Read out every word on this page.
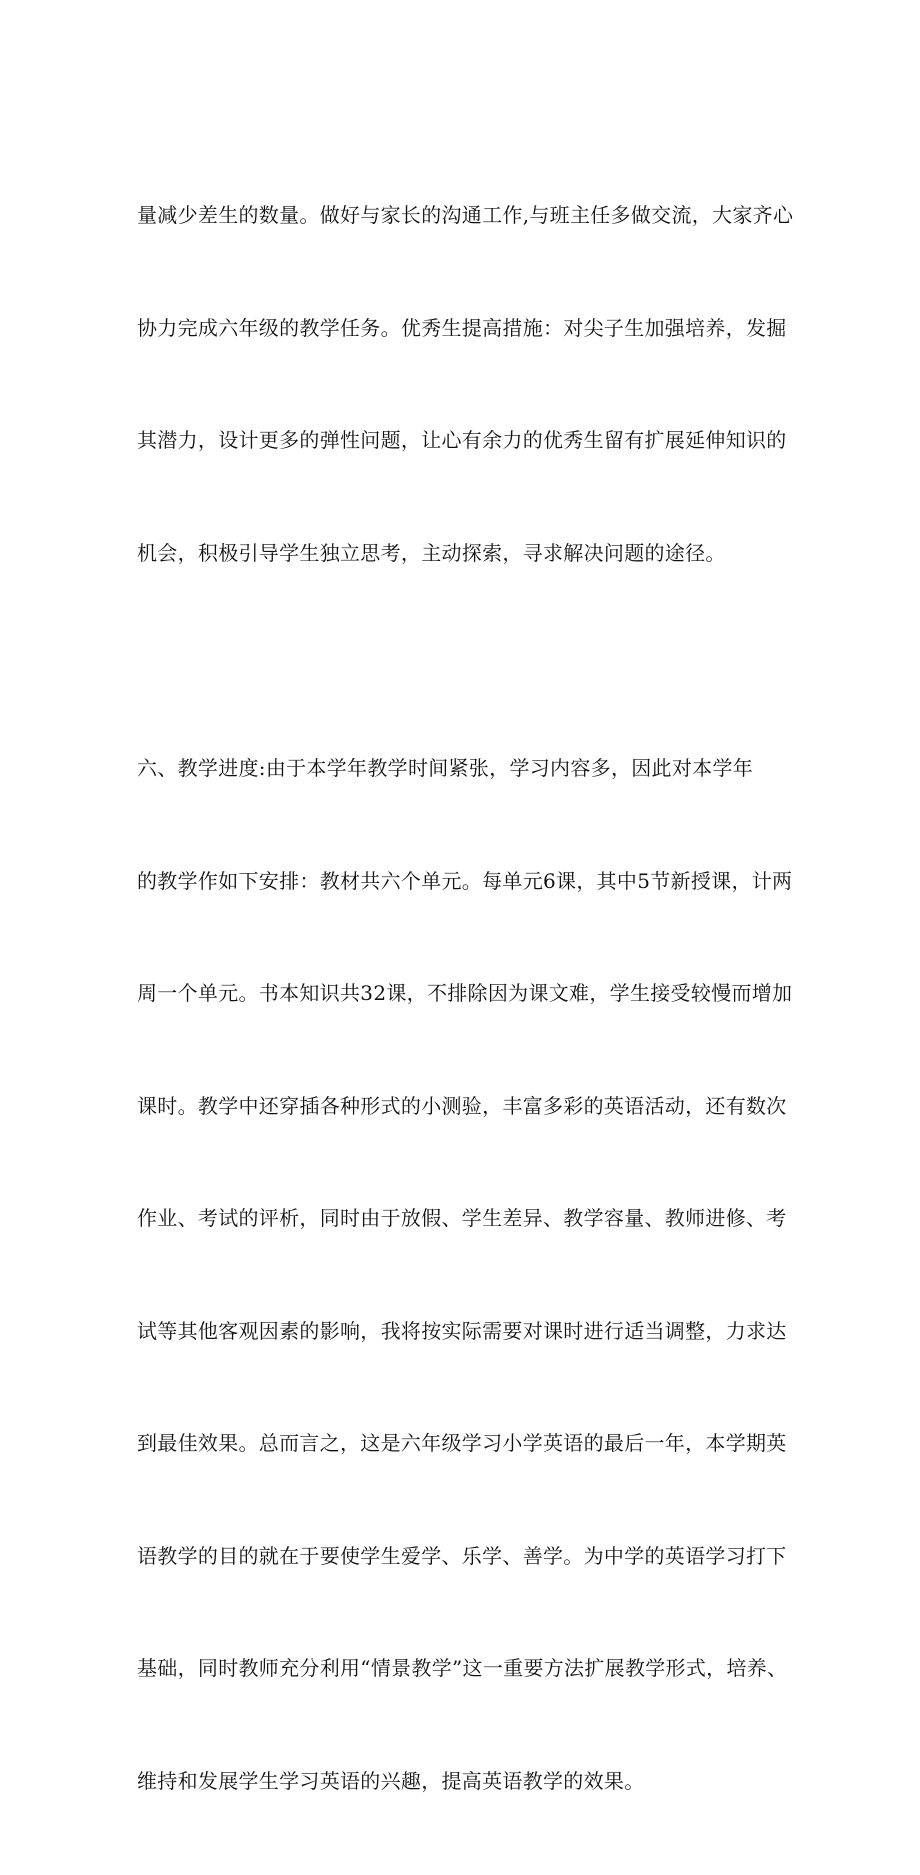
量减少差生的数量。做好与家长的沟通工作,与班主任多做交流，大家齐心

协力完成六年级的教学任务。优秀生提高措施：对尖子生加强培养，发掘

其潜力，设计更多的弹性问题，让心有余力的优秀生留有扩展延伸知识的

机会，积极引导学生独立思考，主动探索，寻求解决问题的途径。

六、教学进度:由于本学年教学时间紧张，学习内容多，因此对本学年

的教学作如下安排：教材共六个单元。每单元6课，其中5节新授课，计两

周一个单元。书本知识共32课，不排除因为课文难，学生接受较慢而增加

课时。教学中还穿插各种形式的小测验，丰富多彩的英语活动，还有数次

作业、考试的评析，同时由于放假、学生差异、教学容量、教师进修、考

试等其他客观因素的影响，我将按实际需要对课时进行适当调整，力求达

到最佳效果。总而言之，这是六年级学习小学英语的最后一年，本学期英

语教学的目的就在于要使学生爱学、乐学、善学。为中学的英语学习打下

基础，同时教师充分利用“情景教学”这一重要方法扩展教学形式，培养、

维持和发展学生学习英语的兴趣，提高英语教学的效果。
